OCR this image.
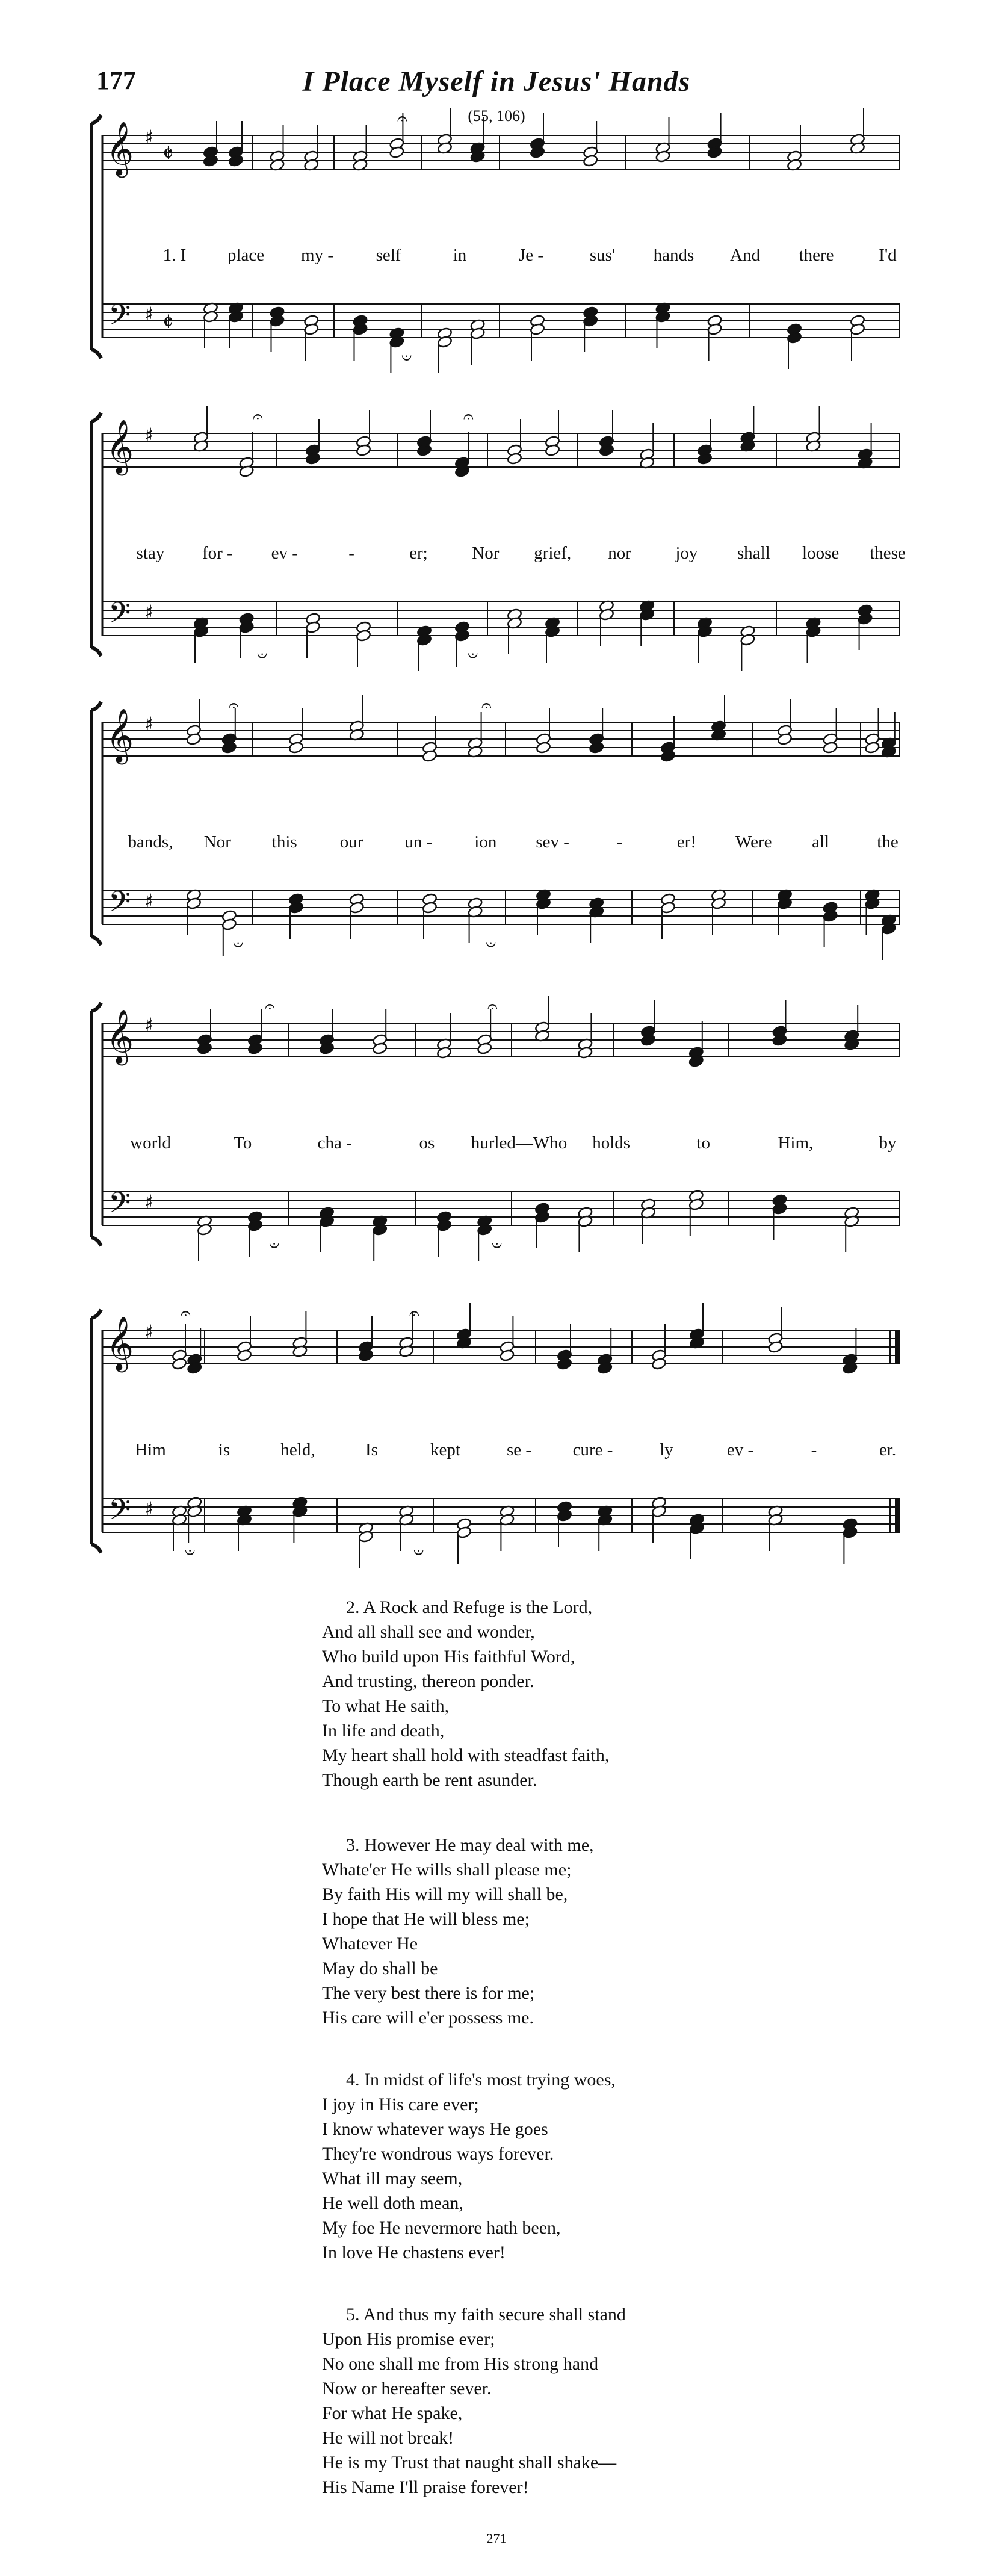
177	I Place Myself in Jesus' Hands
(55, 106)
𝄞
𝄢
♯
♯
𝄵
𝄵
𝄐
𝄐
𝄞
𝄢
♯
♯
𝄐
𝄐
𝄐
𝄐
𝄞
𝄢
♯
♯
𝄐
𝄐
𝄐
𝄐
𝄞
𝄢
♯
♯
𝄐
𝄐
𝄐
𝄐
𝄞
𝄢
♯
♯
𝄐
𝄐
𝄐
𝄐
1. I place my - self	in	Je -	sus' hands And there	I'd
stay for - ev -	-	er;	Nor grief, nor	joy shall loose these
bands, Nor this our un - ion sev -	-	er! Were all	the
world	To	cha -	os hurled—Who holds	to	Him,	by
Him	is	held,	Is	kept	se - cure -	ly	ev -	-	er.
2. A Rock and Refuge is the Lord,
And all shall see and wonder,
Who build upon His faithful Word,
And trusting, thereon ponder.
To what He saith,
In life and death,
My heart shall hold with steadfast faith,
Though earth be rent asunder.
3. However He may deal with me,
Whate'er He wills shall please me;
By faith His will my will shall be,
I hope that He will bless me;
Whatever He
May do shall be
The very best there is for me;
His care will e'er possess me.
4. In midst of life's most trying woes,
I joy in His care ever;
I know whatever ways He goes
They're wondrous ways forever.
What ill may seem,
He well doth mean,
My foe He nevermore hath been,
In love He chastens ever!
5. And thus my faith secure shall stand
Upon His promise ever;
No one shall me from His strong hand
Now or hereafter sever.
For what He spake,
He will not break!
He is my Trust that naught shall shake—
His Name I'll praise forever!
271
